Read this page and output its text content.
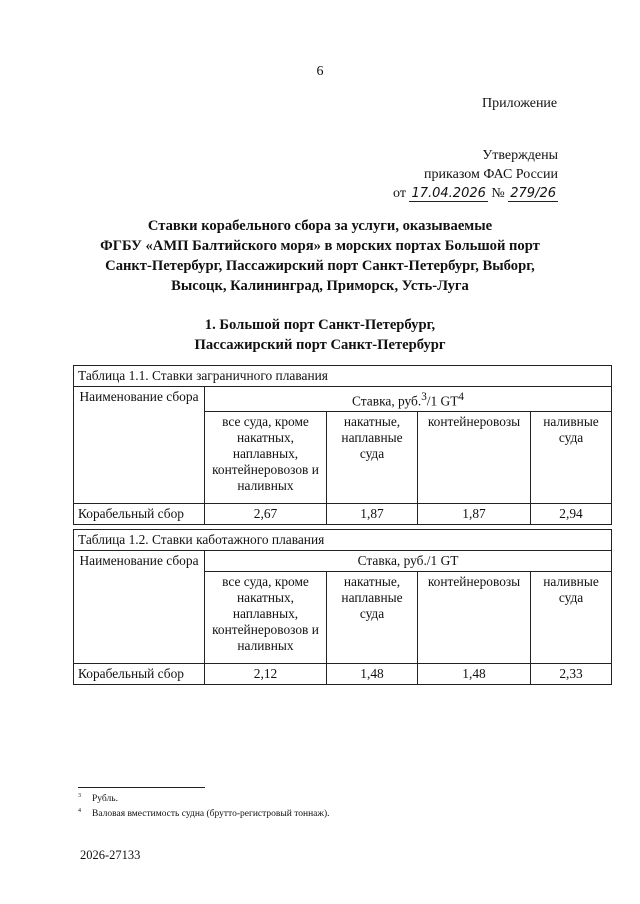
6
Приложение
Утверждены
приказом ФАС России
от 17.04.2026 № 279/26
Ставки корабельного сбора за услуги, оказываемые
ФГБУ «АМП Балтийского моря» в морских портах Большой порт
Санкт-Петербург, Пассажирский порт Санкт-Петербург, Выборг,
Высоцк, Калининград, Приморск, Усть-Луга
1. Большой порт Санкт-Петербург,
Пассажирский порт Санкт-Петербург
Таблица 1.1. Ставки заграничного плавания				
Наименование сбора	Ставка, руб.$^3$/1 $GT^4$
	все суда, кроме накатных, наплавных, контейнеровозов и наливных	накатные, наплавные суда	контейнеровозы	наливные суда
Корабельный сбор	2,67	1,87	1,87	2,94
Таблица 1.2. Ставки каботажного плавания				
Наименование сбора	Ставка, руб./1 GT			
	все суда, кроме накатных, наплавных, контейнеровозов и наливных	накатные, наплавные суда	контейнеровозы	наливные суда
Корабельный сбор	2,12	1,48	1,48	2,33
$^3$ Рубль.
$^4$ Валовая вместимость судна (брутто-регистровый тоннаж).
2026-27133
